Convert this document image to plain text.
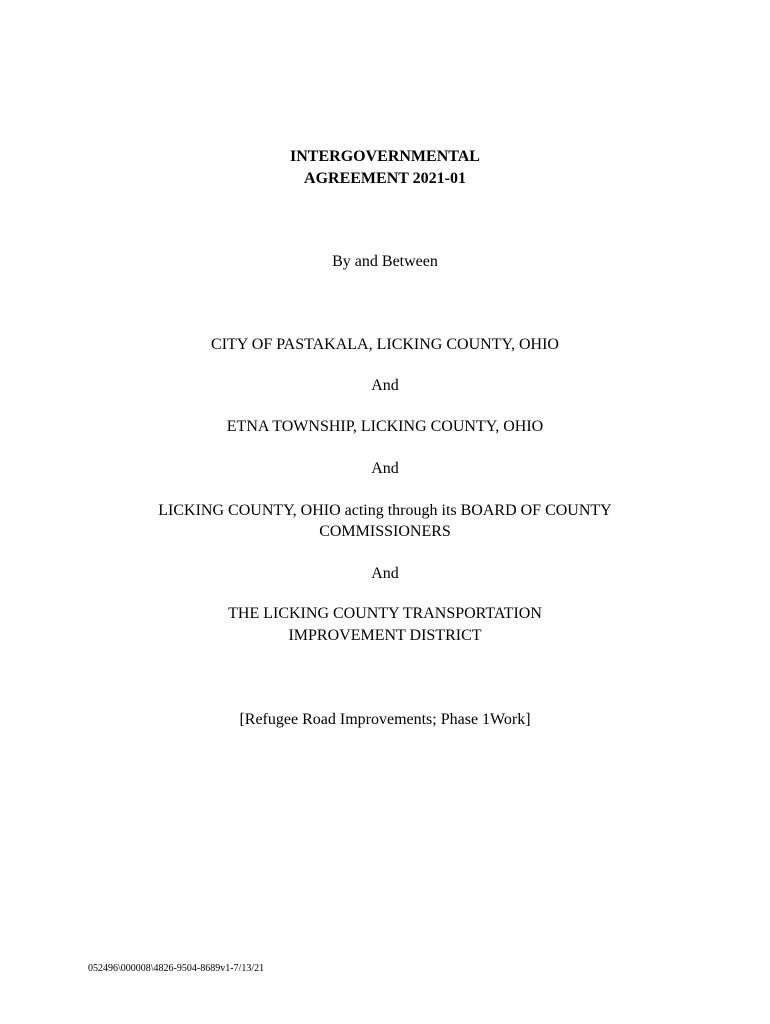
INTERGOVERNMENTAL
AGREEMENT 2021-01
By and Between
CITY OF PASTAKALA, LICKING COUNTY, OHIO
And
ETNA TOWNSHIP, LICKING COUNTY, OHIO
And
LICKING COUNTY, OHIO acting through its BOARD OF COUNTY
COMMISSIONERS
And
THE LICKING COUNTY TRANSPORTATION
IMPROVEMENT DISTRICT
[Refugee Road Improvements; Phase 1Work]
052496\000008\4826-9504-8689v1-7/13/21
